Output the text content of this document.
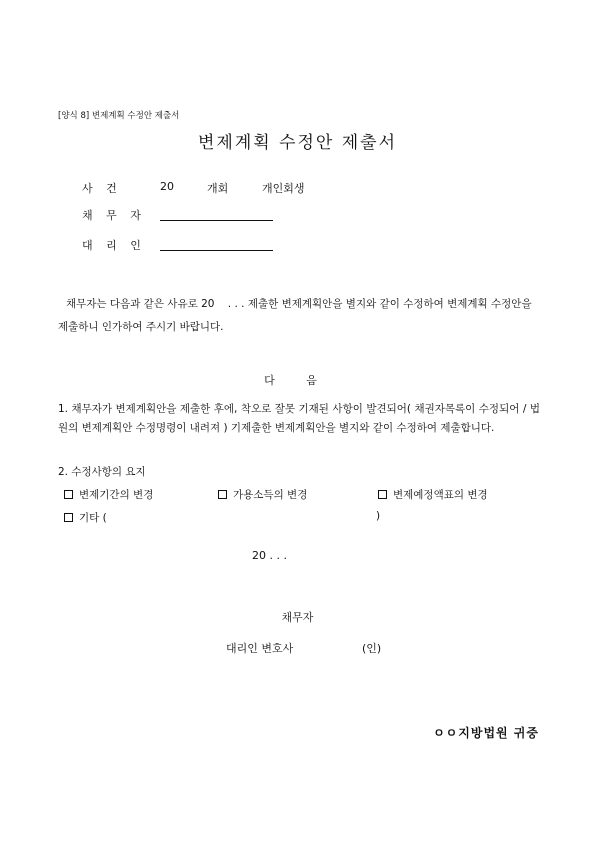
[양식 8] 변제계획 수정안 제출서
변제계획 수정안 제출서
사 건	20	개회	개인회생
채 무 자
대 리 인
채무자는 다음과 같은 사유로 20 . . . 제출한 변제계획안을 별지와 같이 수정하여 변제계획 수정안을 제출하니 인가하여 주시기 바랍니다.
다 음
1. 채무자가 변제계획안을 제출한 후에, 착오로 잘못 기재된 사항이 발견되어( 채권자목록이 수정되어 / 법원의 변제계획안 수정명령이 내려져 ) 기제출한 변제계획안을 별지와 같이 수정하여 제출합니다.
2. 수정사항의 요지
변제기간의 변경	가용소득의 변경	변제예정액표의 변경
기타 (	)
20 . . .
채무자
대리인 변호사	(인)
ㅇㅇ지방법원 귀중
